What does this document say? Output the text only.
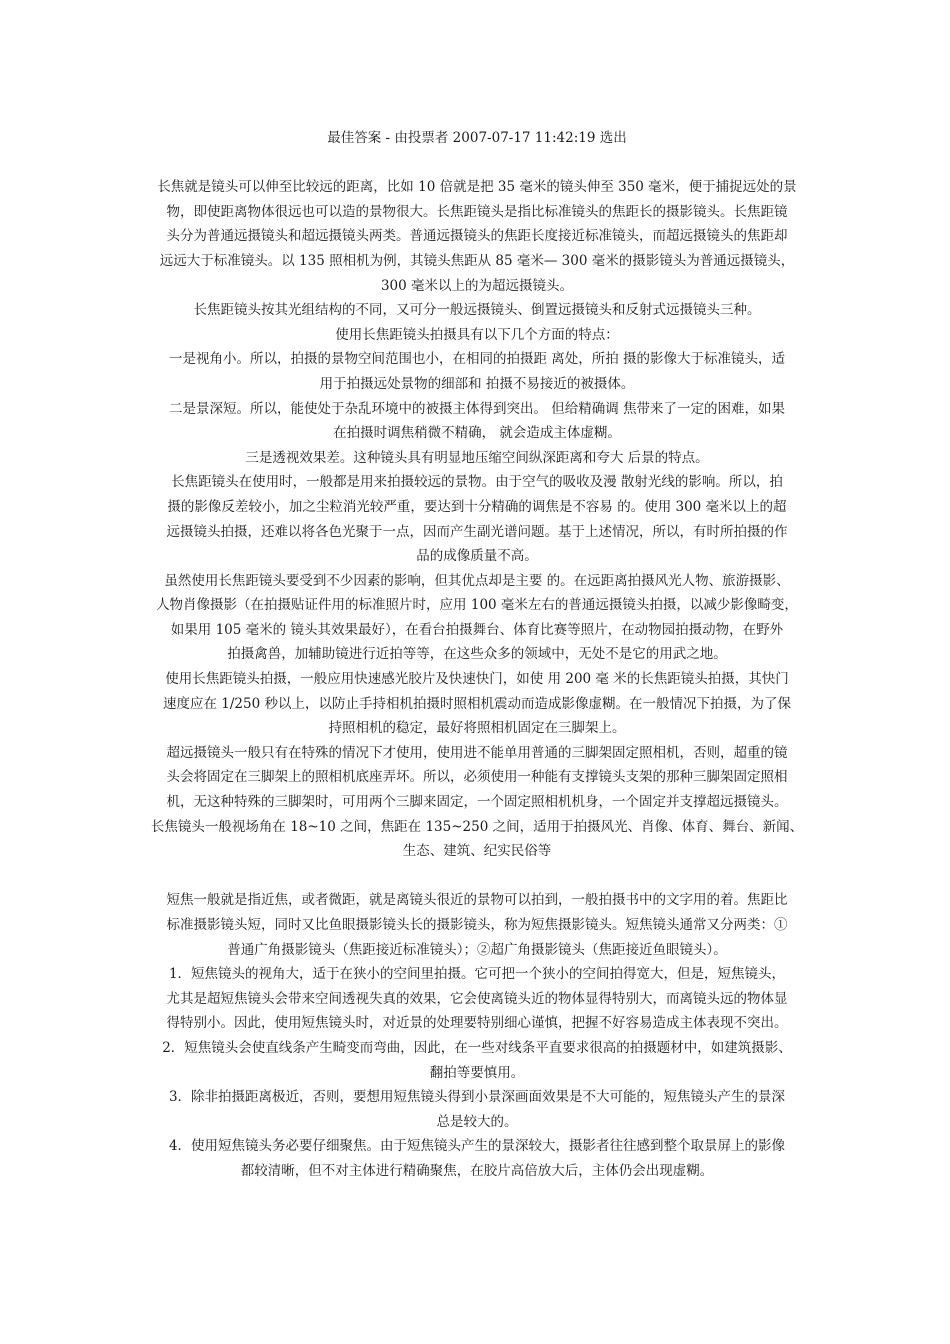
最佳答案 - 由投票者 2007-07-17 11:42:19 选出
长焦就是镜头可以伸至比较远的距离，比如 10 倍就是把 35 毫米的镜头伸至 350 毫米，便于捕捉远处的景
物，即使距离物体很远也可以造的景物很大。长焦距镜头是指比标准镜头的焦距长的摄影镜头。长焦距镜
头分为普通远摄镜头和超远摄镜头两类。普通远摄镜头的焦距长度接近标准镜头，而超远摄镜头的焦距却
远远大于标准镜头。以 135 照相机为例，其镜头焦距从 85 毫米— 300 毫米的摄影镜头为普通远摄镜头，
300 毫米以上的为超远摄镜头。
长焦距镜头按其光组结构的不同，又可分一般远摄镜头、倒置远摄镜头和反射式远摄镜头三种。
使用长焦距镜头拍摄具有以下几个方面的特点：
一是视角小。所以，拍摄的景物空间范围也小，在相同的拍摄距 离处，所拍 摄的影像大于标准镜头，适
用于拍摄远处景物的细部和 拍摄不易接近的被摄体。
二是景深短。所以，能使处于杂乱环境中的被摄主体得到突出。 但给精确调 焦带来了一定的困难，如果
在拍摄时调焦稍微不精确， 就会造成主体虚糊。
三是透视效果差。这种镜头具有明显地压缩空间纵深距离和夸大 后景的特点。
长焦距镜头在使用时，一般都是用来拍摄较远的景物。由于空气的吸收及漫 散射光线的影响。所以，拍
摄的影像反差较小，加之尘粒消光较严重，要达到十分精确的调焦是不容易 的。使用 300 毫米以上的超
远摄镜头拍摄，还难以将各色光聚于一点，因而产生副光谱问题。基于上述情况，所以，有时所拍摄的作
品的成像质量不高。
虽然使用长焦距镜头要受到不少因素的影响，但其优点却是主要 的。在远距离拍摄风光人物、旅游摄影、
人物肖像摄影（在拍摄贴证件用的标准照片时，应用 100 毫米左右的普通远摄镜头拍摄，以减少影像畸变，
如果用 105 毫米的 镜头其效果最好），在看台拍摄舞台、体育比赛等照片，在动物园拍摄动物，在野外
拍摄禽兽，加辅助镜进行近拍等等，在这些众多的领域中，无处不是它的用武之地。
使用长焦距镜头拍摄，一般应用快速感光胶片及快速快门，如使 用 200 毫 米的长焦距镜头拍摄，其快门
速度应在 1/250 秒以上，以防止手持相机拍摄时照相机震动而造成影像虚糊。在一般情况下拍摄，为了保
持照相机的稳定，最好将照相机固定在三脚架上。
超远摄镜头一般只有在特殊的情况下才使用，使用进不能单用普通的三脚架固定照相机，否则，超重的镜
头会将固定在三脚架上的照相机底座弄坏。所以，必须使用一种能有支撑镜头支架的那种三脚架固定照相
机，无这种特殊的三脚架时，可用两个三脚来固定，一个固定照相机机身，一个固定并支撑超远摄镜头。
长焦镜头一般视场角在 18~10 之间，焦距在 135~250 之间，适用于拍摄风光、肖像、体育、舞台、新闻、
生态、建筑、纪实民俗等
短焦一般就是指近焦，或者微距，就是离镜头很近的景物可以拍到，一般拍摄书中的文字用的着。焦距比
标准摄影镜头短，同时又比鱼眼摄影镜头长的摄影镜头，称为短焦摄影镜头。短焦镜头通常又分两类：①
普通广角摄影镜头（焦距接近标准镜头）；②超广角摄影镜头（焦距接近鱼眼镜头）。
1．短焦镜头的视角大，适于在狭小的空间里拍摄。它可把一个狭小的空间拍得宽大，但是，短焦镜头，
尤其是超短焦镜头会带来空间透视失真的效果，它会使离镜头近的物体显得特别大，而离镜头远的物体显
得特别小。因此，使用短焦镜头时，对近景的处理要特别细心谨慎，把握不好容易造成主体表现不突出。
2．短焦镜头会使直线条产生畸变而弯曲，因此，在一些对线条平直要求很高的拍摄题材中，如建筑摄影、
翻拍等要慎用。
3．除非拍摄距离极近，否则，要想用短焦镜头得到小景深画面效果是不大可能的，短焦镜头产生的景深
总是较大的。
4．使用短焦镜头务必要仔细聚焦。由于短焦镜头产生的景深较大，摄影者往往感到整个取景屏上的影像
都较清晰，但不对主体进行精确聚焦，在胶片高倍放大后，主体仍会出现虚糊。
